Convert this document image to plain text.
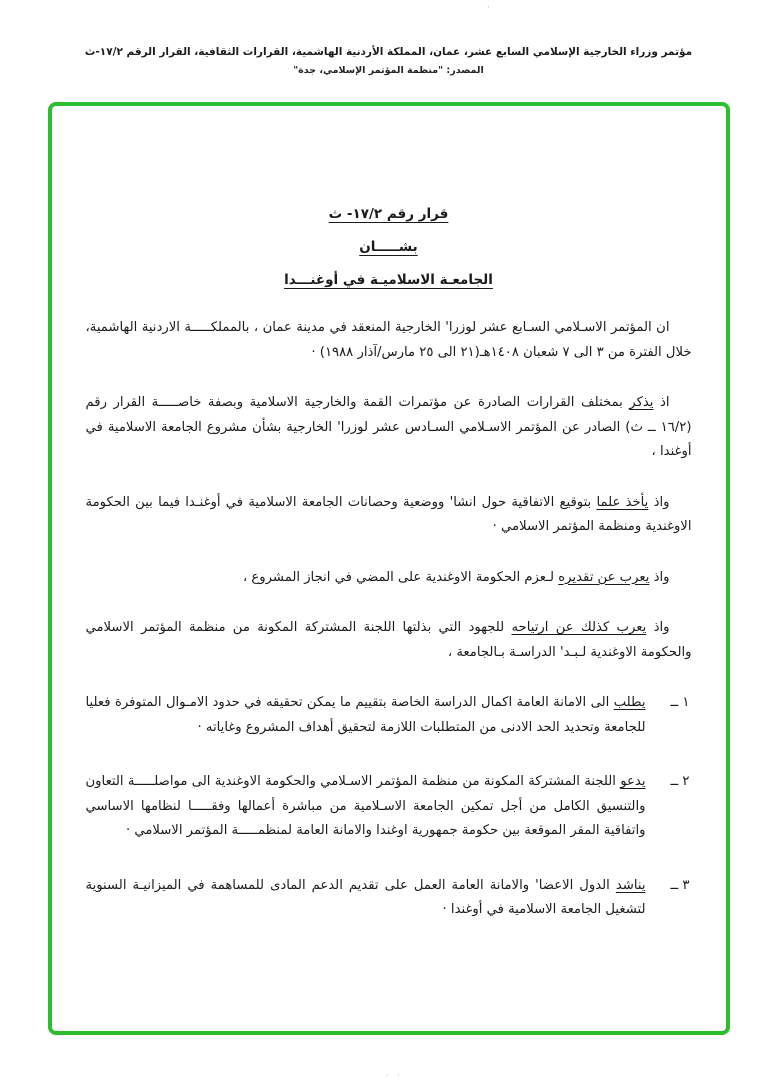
مؤتمر وزراء الخارجية الإسلامي السابع عشر، عمان، المملكة الأردنية الهاشمية، القرارات الثقافية، القرار الرقم ١٧/٢-ث
المصدر: "منظمة المؤتمر الإسلامي، جدة"
قرار رقم ١٧/٢- ث
بشـــــان
الجامعـة الاسلاميـة في أوغنـــدا

ان المؤتمر الاسـلامي السـابع عشر لوزرا' الخارجية المنعقد في مدينة عمان ، بالمملكـــــة الاردنية الهاشمية، خلال الفترة من ٣ الى ٧ شعبان ١٤٠٨هـ(٢١ الى ٢٥ مارس/آذار ١٩٨٨) ·

اذ يذكر بمختلف القرارات الصادرة عن مؤتمرات القمة والخارجية الاسلامية وبصفة خاصـــــة القرار رقم (١٦/٢ ــ ث) الصادر عن المؤتمر الاسـلامي السـادس عشر لوزرا' الخارجية بشأن مشروع الجامعة الاسلامية في أوغندا ،

واذ يأخذ علما بتوقيع الاتفاقية حول انشا' ووضعية وحصانات الجامعة الاسلامية في أوغنـدا فيما بين الحكومة الاوغندية ومنظمة المؤتمر الاسلامي ·

واذ يعرب عن تقديره لـعزم الحكومة الاوغندية على المضي في انجاز المشروع ،

واذ يعرب كذلك عن ارتياحه للجهود التي بذلتها اللجنة المشتركة المكونة من منظمة المؤتمر الاسلامي والحكومة الاوغندية لـبـد' الدراسـة بـالجامعة ،

١ ــ

يطلب الى الامانة العامة اكمال الدراسة الخاصة بتقييم ما يمكن تحقيقه في حدود الامـوال المتوفرة فعليا للجامعة وتحديد الحد الادنى من المتطلبات اللازمة لتحقيق أهداف المشروع وغاياته ·

٢ ــ

يدعو اللجنة المشتركة المكونة من منظمة المؤتمر الاسـلامي والحكومة الاوغندية الى مواصلـــــة التعاون والتنسيق الكامل من أجل تمكين الجامعة الاسـلامية من مباشرة أعمالها وفقـــــا لنظامها الاساسي واتفاقية المقر الموقعة بين حكومة جمهورية اوغندا والامانة العامة لمنظمـــــة المؤتمر الاسلامي ·

٣ ــ

يناشد الدول الاعضا' والامانة العامة العمل على تقديم الدعم المادى للمساهمة في الميزانيـة السنوية لتشغيل الجامعة الاسلامية في أوغندا ·

·
· ·
